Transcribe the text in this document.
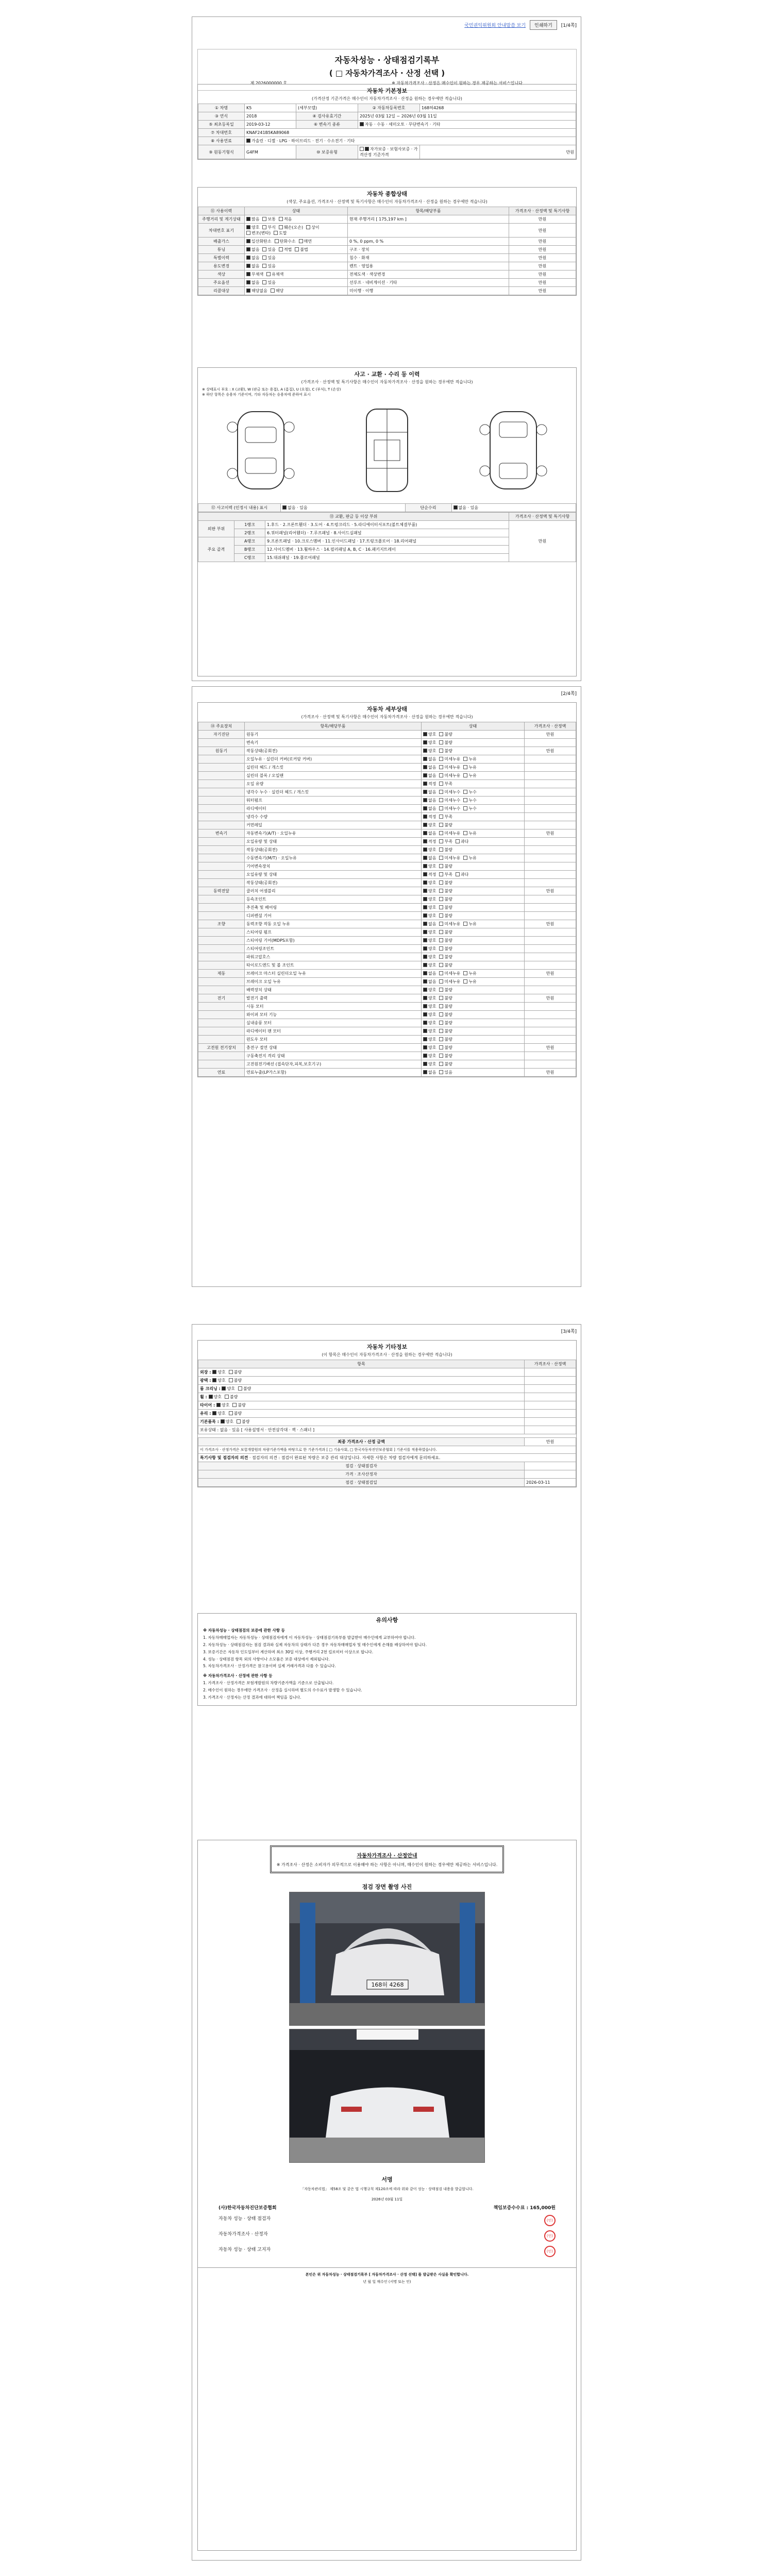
국민권익위원회 안내말씀 보기	인쇄하기	[1/4쪽]
자동차성능 · 상태점검기록부
( □ 자동차가격조사 · 산정 선택 )
제 2026000000 호	※ 자동차가격조사 · 산정은 매수인이 원하는 경우 제공하는 서비스입니다.
자동차 기본정보
(가격산정 기준가격은 매수인이 자동차가격조사 · 산정을 원하는 경우에만 적습니다)
① 차명	K5	(세부모델)	② 자동차등록번호	168허4268
③ 연식	2018	④ 검사유효기간	2025년 03월 12일 ~ 2026년 03월 11일	
⑤ 최초등록일	2019-03-12	⑥ 변속기 종류	자동 · 수동 · 세미오토 · 무단변속기 · 기타	
⑦ 차대번호	KNAF241B5KA89068			
⑧ 사용연료	가솔린 · 디젤 · LPG · 하이브리드 · 전기 · 수소전기 · 기타			
⑨ 원동기형식	G4FM	⑩ 보증유형	자가보증 · 보험사보증 · 가격산정 기준가격	만원
자동차 종합상태
(색상, 주요옵션, 가격조사 · 산정액 및 특기사항은 매수인이 자동차가격조사 · 산정을 원하는 경우에만 적습니다)
⑪ 사용이력	상태	항목/해당부품	가격조사 · 산정액 및 특기사항
주행거리 및 계기상태	많음 보통 적음	현재 주행거리 [ 175,197 km ]	만원
차대번호 표기	양호 부식 훼손(오손) 상이변조(변타) 도말		만원
배출가스	일산화탄소 탄화수소 매연	0 %, 0 ppm, 0 %	만원
튜닝	없음 있음 적법 불법	구조 · 장치	만원
특별이력	없음 있음	침수 · 화재	만원
용도변경	없음 있음	렌트 · 영업용	만원
색상	무채색 유채색	전체도색 · 색상변경	만원
주요옵션	없음 있음	선루프 · 네비게이션 · 기타	만원
리콜대상	해당없음 해당	미이행 · 이행	만원
사고 · 교환 · 수리 등 이력
(가격조사 · 산정액 및 특기사항은 매수인이 자동차가격조사 · 산정을 원하는 경우에만 적습니다)
※ 상태표시 부호 : X (교환), W (판금 또는 용접), A (흠집), U (요철), C (부식), T (손상)
※ 하단 항목은 승용차 기준이며, 기타 자동차는 승용차에 준하여 표시
⑫ 사고이력 (인정시 내용) 표시	없음 · 있음	단순수리	없음 · 있음
⑬ 교환, 판금 등 이상 부위			가격조사 · 산정액 및 특기사항
외판 부위	1랭크	1.후드 · 2.프론트휀더 · 3.도어 · 4.트렁크리드 · 5.라디에이터서포트(볼트체결부품)	만원
	2랭크	6.쿼터패널(리어휀더) · 7.루프패널 · 8.사이드실패널	
주요 골격	A랭크	9.프론트패널 · 10.크로스멤버 · 11.인사이드패널 · 17.트렁크플로어 · 18.리어패널	
	B랭크	12.사이드멤버 · 13.휠하우스 · 14.필러패널 A, B, C · 16.패키지트레이	
	C랭크	15.대쉬패널 · 19.플로어패널	
[2/4쪽]
자동차 세부상태
(가격조사 · 산정액 및 특기사항은 매수인이 자동차가격조사 · 산정을 원하는 경우에만 적습니다)
⑭ 주요장치	항목/해당부품	상태	가격조사 · 산정액
자기진단	원동기	양호 불량	만원
	변속기	양호 불량	
원동기	작동상태(공회전)	양호 불량	만원
	오일누유 · 실린더 커버(로커암 커버)	없음 미세누유 누유	
	실린더 헤드 / 개스킷	없음 미세누유 누유	
	실린더 블록 / 오일팬	없음 미세누유 누유	
	오일 유량	적정 부족	
	냉각수 누수 · 실린더 헤드 / 개스킷	없음 미세누수 누수	
	워터펌프	없음 미세누수 누수	
	라디에이터	없음 미세누수 누수	
	냉각수 수량	적정 부족	
	커먼레일	양호 불량	
변속기	자동변속기(A/T) · 오일누유	없음 미세누유 누유	만원
	오일유량 및 상태	적정 부족 과다	
	작동상태(공회전)	양호 불량	
	수동변속기(M/T) · 오일누유	없음 미세누유 누유	
	기어변속장치	양호 불량	
	오일유량 및 상태	적정 부족 과다	
	작동상태(공회전)	양호 불량	
동력전달	클러치 어셈블리	양호 불량	만원
	등속조인트	양호 불량	
	추진축 및 베어링	양호 불량	
	디퍼렌셜 기어	양호 불량	
조향	동력조향 작동 오일 누유	없음 미세누유 누유	만원
	스티어링 펌프	양호 불량	
	스티어링 기어(MDPS포함)	양호 불량	
	스티어링조인트	양호 불량	
	파워고압호스	양호 불량	
	타이로드엔드 및 볼 조인트	양호 불량	
제동	브레이크 마스터 실린더오일 누유	없음 미세누유 누유	만원
	브레이크 오일 누유	없음 미세누유 누유	
	배력장치 상태	양호 불량	
전기	발전기 출력	양호 불량	만원
	시동 모터	양호 불량	
	와이퍼 모터 기능	양호 불량	
	실내송풍 모터	양호 불량	
	라디에이터 팬 모터	양호 불량	
	윈도우 모터	양호 불량	
고전원 전기장치	충전구 절연 상태	양호 불량	만원
	구동축전지 격리 상태	양호 불량	
	고전원전기배선 (접속단자,피복,보호기구)	양호 불량	
연료	연료누출(LP가스포함)	없음 있음	만원
[3/4쪽]
자동차 기타정보
(이 항목은 매수인이 자동차가격조사 · 산정을 원하는 경우에만 적습니다)
항목	가격조사 · 산정액
외장 : 양호 불량	
광택 : 양호 불량	
룸 크리닝 : 양호 불량	
휠 : 양호 불량	
타이어 : 양호 불량	
유리 : 양호 불량	
기본품목 : 양호 불량	
보유상태 : 없음 · 있음 [ 사용설명서 · 안전삼각대 · 잭 · 스패너 ]	
최종 가격조사 · 산정 금액	만원
이 가격조사 · 산정가격은 보험개발원의 차량기준가액을 바탕으로 한 기준가격과 [ □ 기술사회, □ 한국자동차진단보증협회 ] 기준서를 적용하였습니다.	
특기사항 및 점검자의 의견 · 점검자의 의견 : 점검이 완료된 차량은 보증 관리 대상입니다. 자세한 사항은 차량 점검자에게 문의하세요.	
점검 · 상태점검자	
가격 · 조사산정자	
점검 · 상태점검일	2026-03-11
유의사항

※ 자동차성능 · 상태점검의 보증에 관한 사항 등

1. 자동차매매업자는 자동차성능 · 상태점검자에게 이 자동차성능 · 상태점검기록부를 발급받아 매수인에게 교부하여야 합니다.

2. 자동차성능 · 상태점검자는 점검 결과와 실제 자동차의 상태가 다른 경우 자동차매매업자 및 매수인에게 손해를 배상하여야 합니다.

3. 보증기간은 자동차 인도일부터 계산하며 최소 30일 이상, 주행거리 2천 킬로미터 이상으로 합니다.

4. 성능 · 상태점검 항목 외의 사항이나 소모품은 보증 대상에서 제외됩니다.

5. 자동차가격조사 · 산정가격은 참고용이며 실제 거래가격과 다를 수 있습니다.

※ 자동차가격조사 · 산정에 관한 사항 등

1. 가격조사 · 산정가격은 보험개발원의 차량기준가액을 기준으로 산출됩니다.

2. 매수인이 원하는 경우에만 가격조사 · 산정을 실시하며 별도의 수수료가 발생할 수 있습니다.

3. 가격조사 · 산정자는 산정 결과에 대하여 책임을 집니다.

자동차가격조사 · 산정안내
※ 가격조사 · 산정은 소비자가 의무적으로 이용해야 하는 사항은 아니며, 매수인이 원하는 경우에만 제공하는 서비스입니다.
점검 장면 촬영 사진
168허 4268
서명
「자동차관리법」 제58조 및 같은 법 시행규칙 제120조에 따라 위와 같이 성능 · 상태점검 내용을 발급합니다.
2026년 03월 11일
(사)한국자동차진단보증협회	책임보증수수료 : 165,000원
자동차 성능 · 상태 점검자	(인)
자동차가격조사 · 산정자	(인)
자동차 성능 · 상태 고지자	(인)
본인은 위 자동차성능 · 상태점검기록부 [ 자동차가격조사 · 산정 선택] 를 발급받은 사실을 확인합니다.
년 월 일 매수인 (서명 또는 인)
